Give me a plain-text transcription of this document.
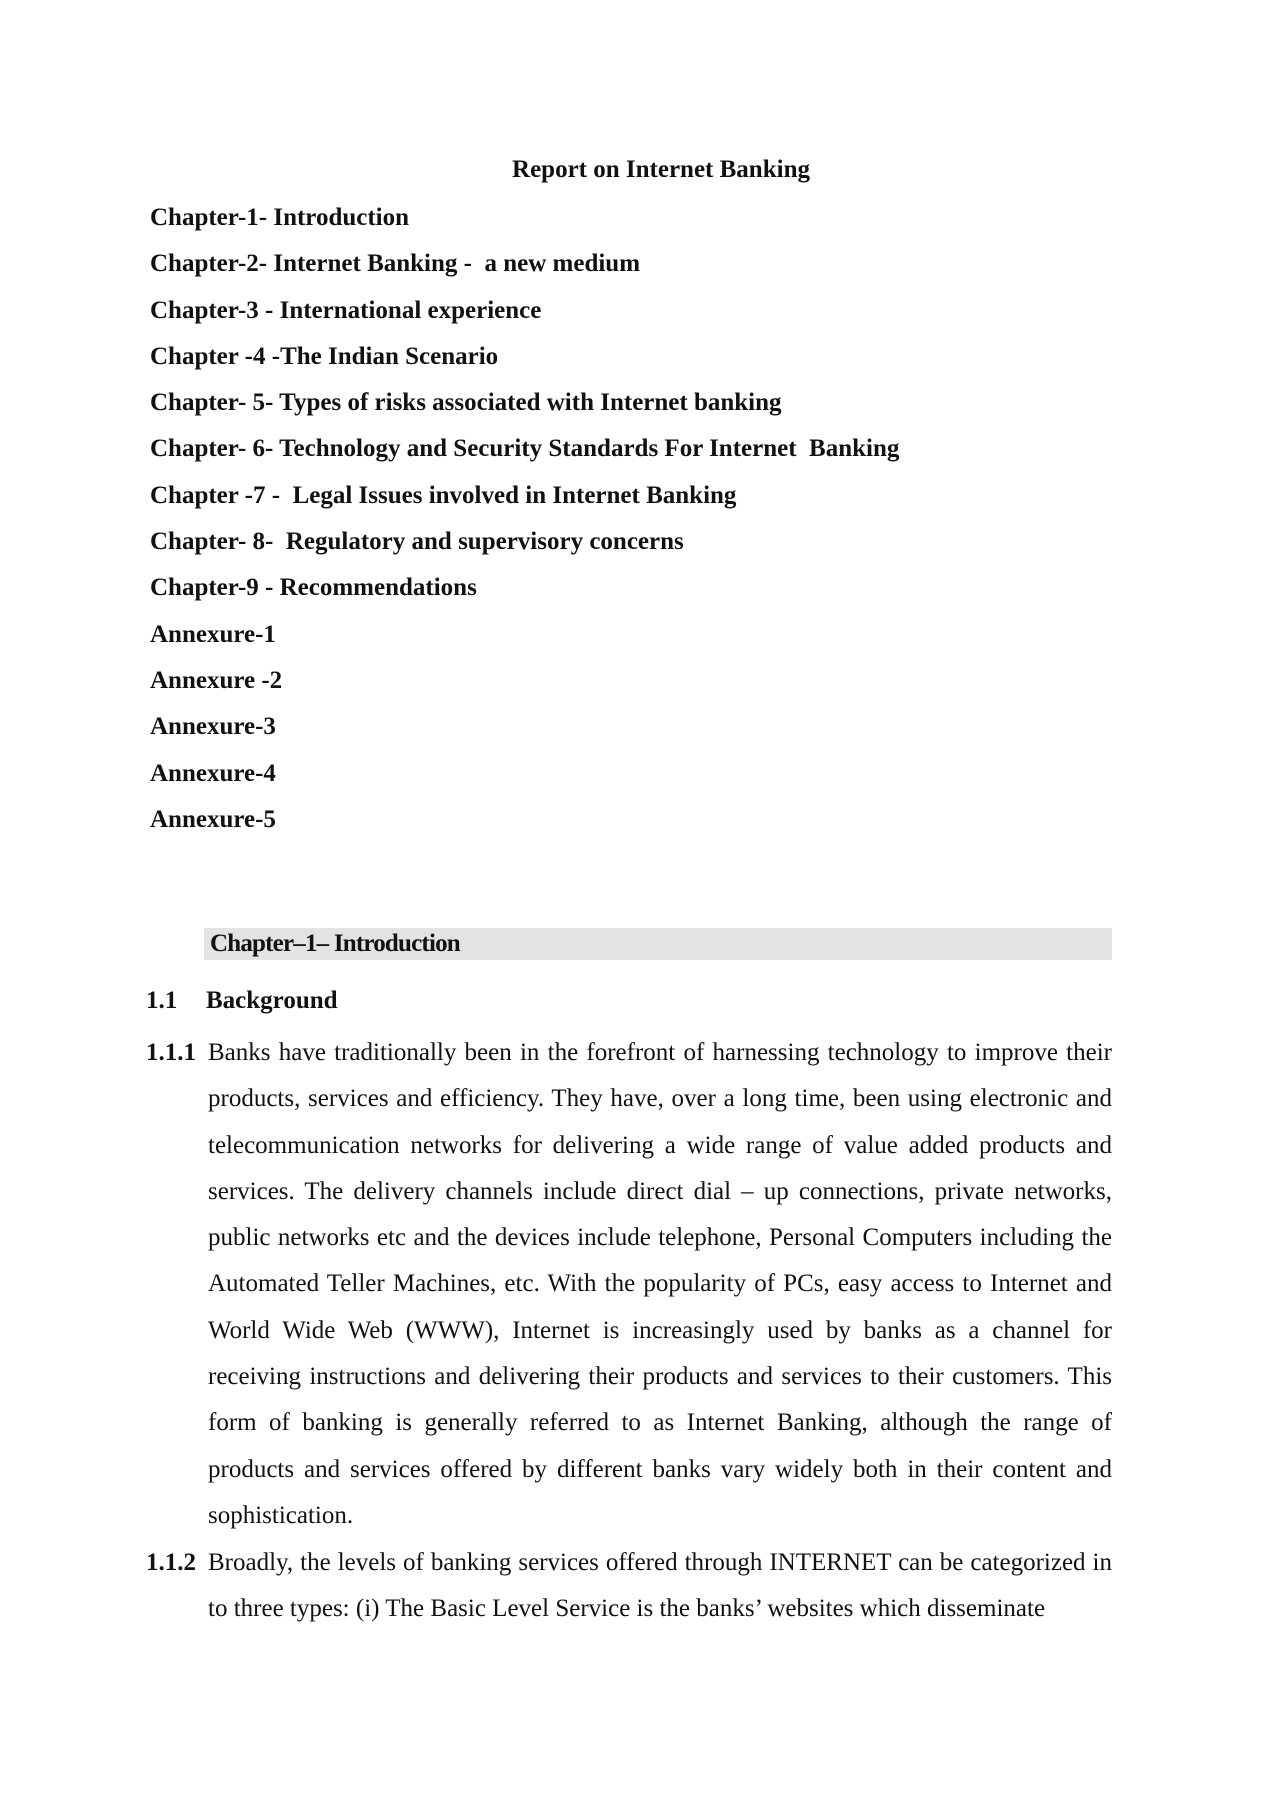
Report on Internet Banking
Chapter-1- Introduction
Chapter-2- Internet Banking -  a new medium
Chapter-3 - International experience
Chapter -4 -The Indian Scenario
Chapter- 5- Types of risks associated with Internet banking
Chapter- 6- Technology and Security Standards For Internet  Banking
Chapter -7 -  Legal Issues involved in Internet Banking
Chapter- 8-  Regulatory and supervisory concerns
Chapter-9 - Recommendations
Annexure-1
Annexure -2
Annexure-3
Annexure-4
Annexure-5
Chapter–1– Introduction
1.1 Background
1.1.1 Banks have traditionally been in the forefront of harnessing technology to improve their products, services and efficiency. They have, over a long time, been using electronic and telecommunication networks for delivering a wide range of value added products and services. The delivery channels include direct dial – up connections, private networks, public networks etc and the devices include telephone, Personal Computers including the Automated Teller Machines, etc. With the popularity of PCs, easy access to Internet and World Wide Web (WWW), Internet is increasingly used by banks as a channel for receiving instructions and delivering their products and services to their customers. This form of banking is generally referred to as Internet Banking, although the range of products and services offered by different banks vary widely both in their content and sophistication.
1.1.2 Broadly, the levels of banking services offered through INTERNET can be categorized in to three types: (i) The Basic Level Service is the banks’ websites which disseminate
